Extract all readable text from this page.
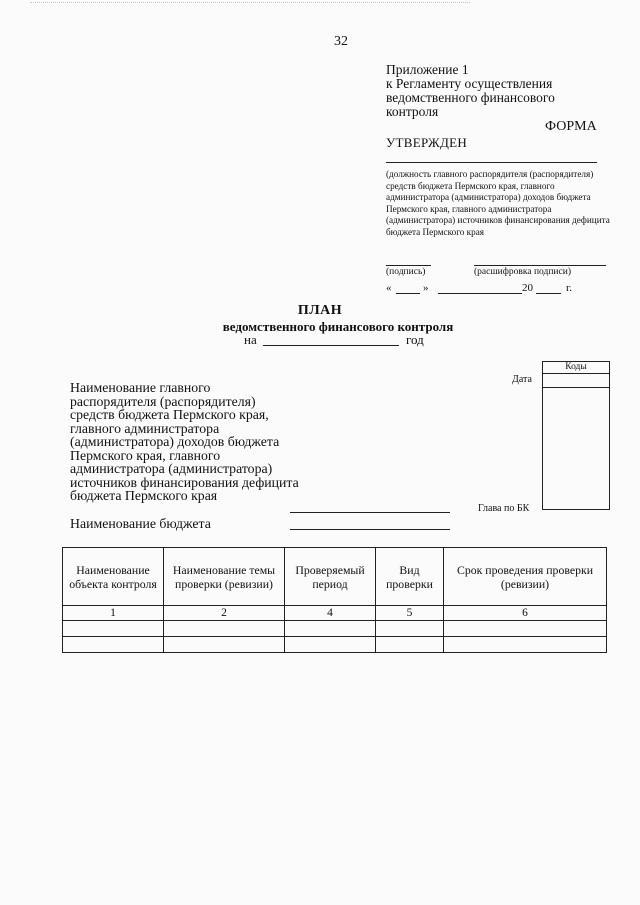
32
Приложение 1
к Регламенту осуществления
ведомственного финансового
контроля
ФОРМА
УТВЕРЖДЕН
(должность главного распорядителя (распорядителя) средств бюджета Пермского края, главного администратора (администратора) доходов бюджета Пермского края, главного администратора (администратора) источников финансирования дефицита бюджета Пермского края
(подпись)	(расшифровка подписи)
«	»	20	г.
ПЛАН
ведомственного финансового контроля
на	год
Коды
Дата
Глава по БК
Наименование главного распорядителя (распорядителя) средств бюджета Пермского края, главного администратора (администратора) доходов бюджета Пермского края, главного администратора (администратора) источников финансирования дефицита бюджета Пермского края
Наименование бюджета
Наименование объекта контроля	Наименование темы проверки (ревизии)	Проверяемый период	Вид проверки	Срок проведения проверки (ревизии)
1	2	4	5	6
